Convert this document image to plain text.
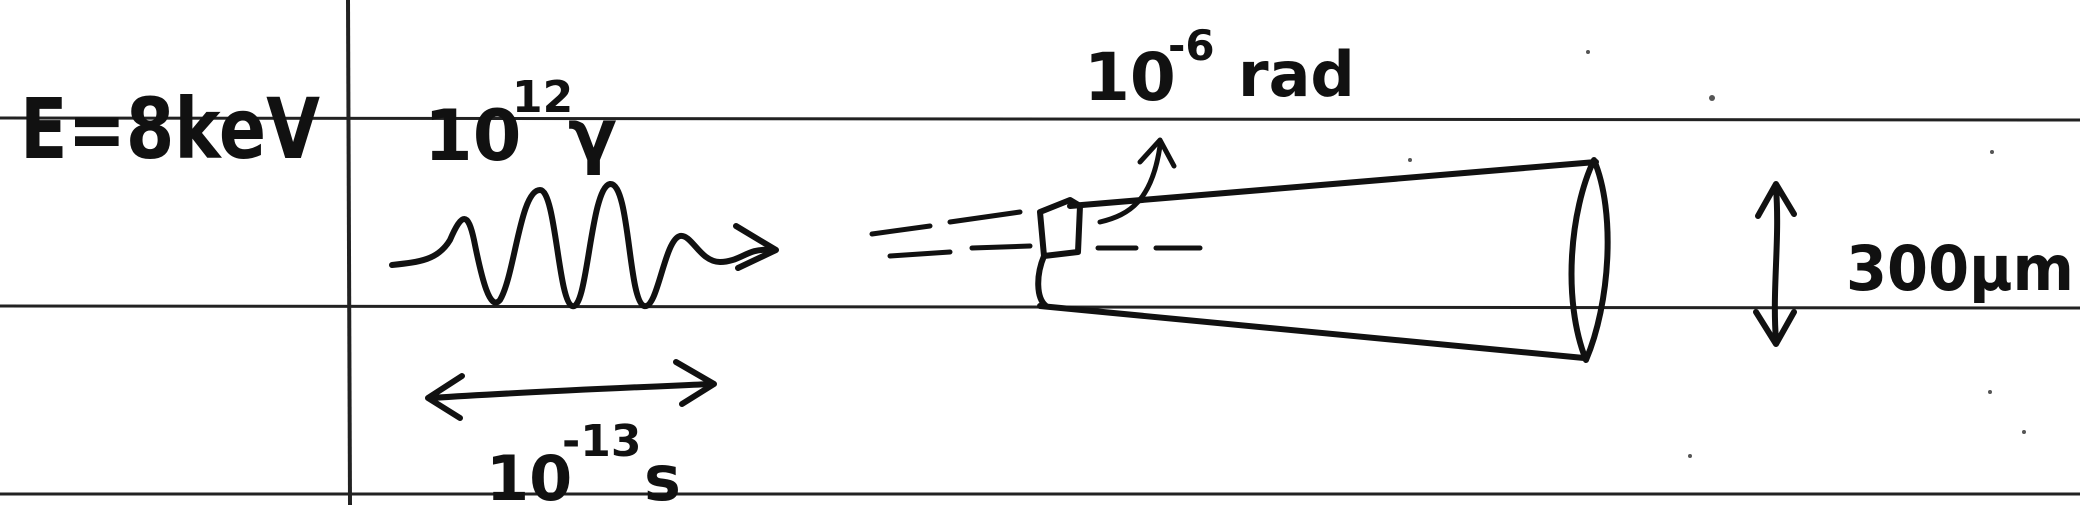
E=8keV 10
12
γ
10
-13
s
10
-6 rad
300μm
